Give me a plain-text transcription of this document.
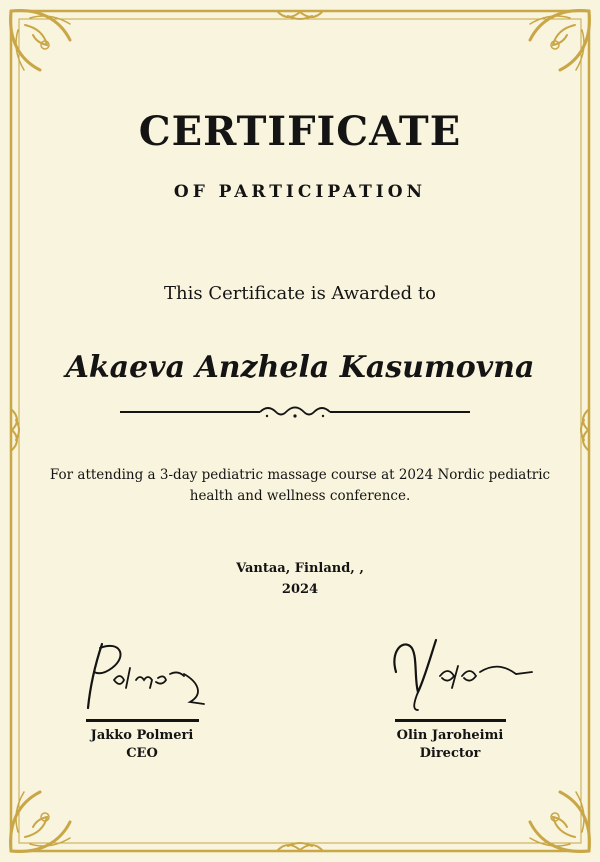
CERTIFICATE
OF PARTICIPATION

This Certificate is Awarded to

Akaeva Anzhela Kasumovna

For attending a 3-day pediatric massage course at 2024 Nordic pediatric health and wellness conference.

Vantaa, Finland, ,
2024
Jakko Polmeri
CEO
Olin Jaroheimi
Director
